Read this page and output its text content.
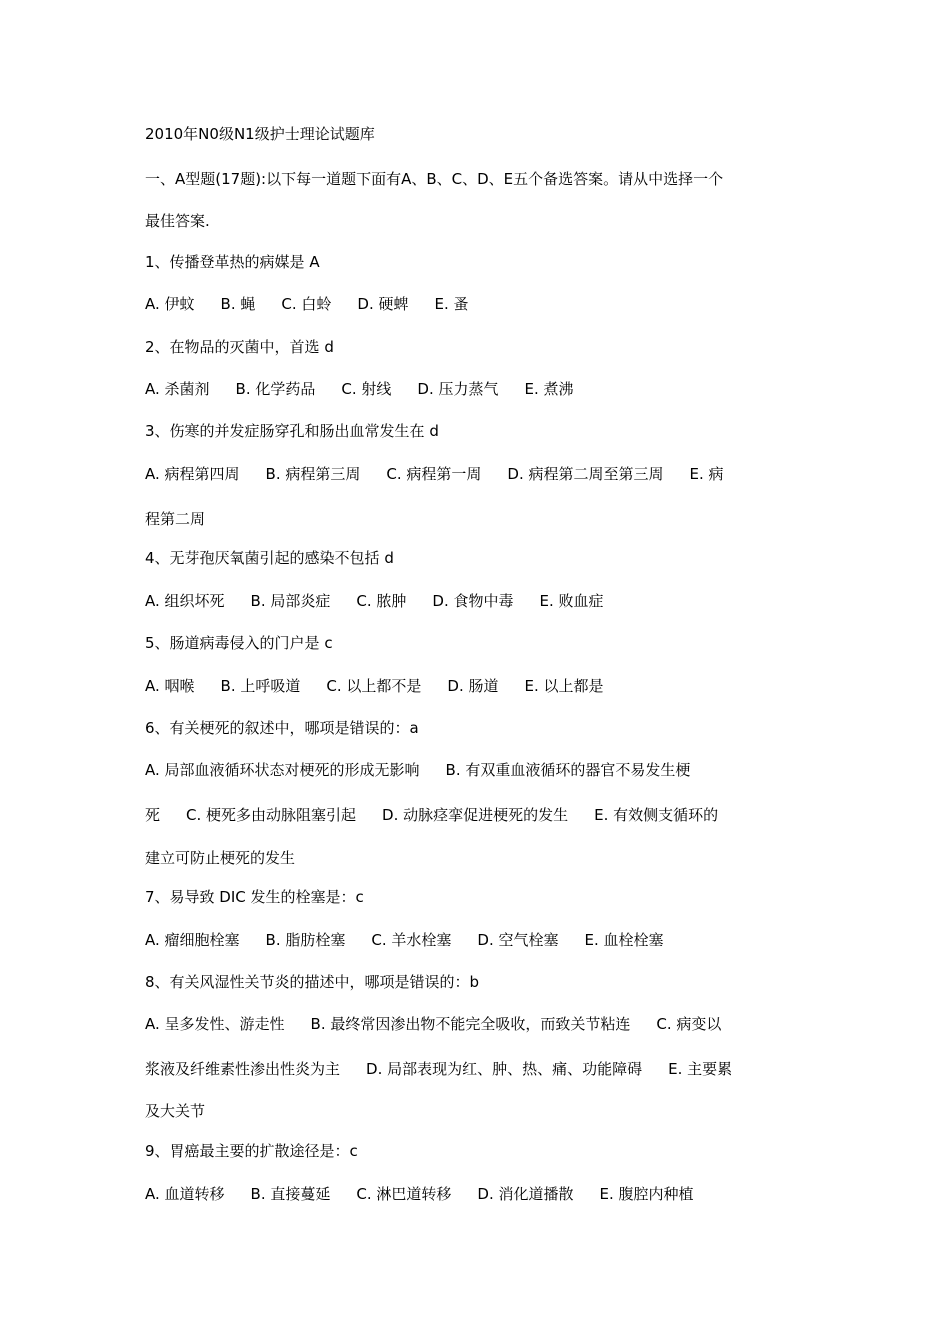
2010年N0级N1级护士理论试题库
一、A型题(17题):以下每一道题下面有A、B、C、D、E五个备选答案。请从中选择一个
最佳答案.
1、传播登革热的病媒是 A
A. 伊蚊 B. 蝇 C. 白蛉 D. 硬蜱 E. 蚤
2、在物品的灭菌中，首选 d
A. 杀菌剂 B. 化学药品 C. 射线 D. 压力蒸气 E. 煮沸
3、伤寒的并发症肠穿孔和肠出血常发生在 d
A. 病程第四周 B. 病程第三周 C. 病程第一周 D. 病程第二周至第三周 E. 病
程第二周
4、无芽孢厌氧菌引起的感染不包括 d
A. 组织坏死 B. 局部炎症 C. 脓肿 D. 食物中毒 E. 败血症
5、肠道病毒侵入的门户是 c
A. 咽喉 B. 上呼吸道 C. 以上都不是 D. 肠道 E. 以上都是
6、有关梗死的叙述中，哪项是错误的：a
A. 局部血液循环状态对梗死的形成无影响 B. 有双重血液循环的器官不易发生梗
死 C. 梗死多由动脉阻塞引起 D. 动脉痉挛促进梗死的发生 E. 有效侧支循环的
建立可防止梗死的发生
7、易导致 DIC 发生的栓塞是：c
A. 瘤细胞栓塞 B. 脂肪栓塞 C. 羊水栓塞 D. 空气栓塞 E. 血栓栓塞
8、有关风湿性关节炎的描述中，哪项是错误的：b
A. 呈多发性、游走性 B. 最终常因渗出物不能完全吸收，而致关节粘连 C. 病变以
浆液及纤维素性渗出性炎为主 D. 局部表现为红、肿、热、痛、功能障碍 E. 主要累
及大关节
9、胃癌最主要的扩散途径是：c
A. 血道转移 B. 直接蔓延 C. 淋巴道转移 D. 消化道播散 E. 腹腔内种植
